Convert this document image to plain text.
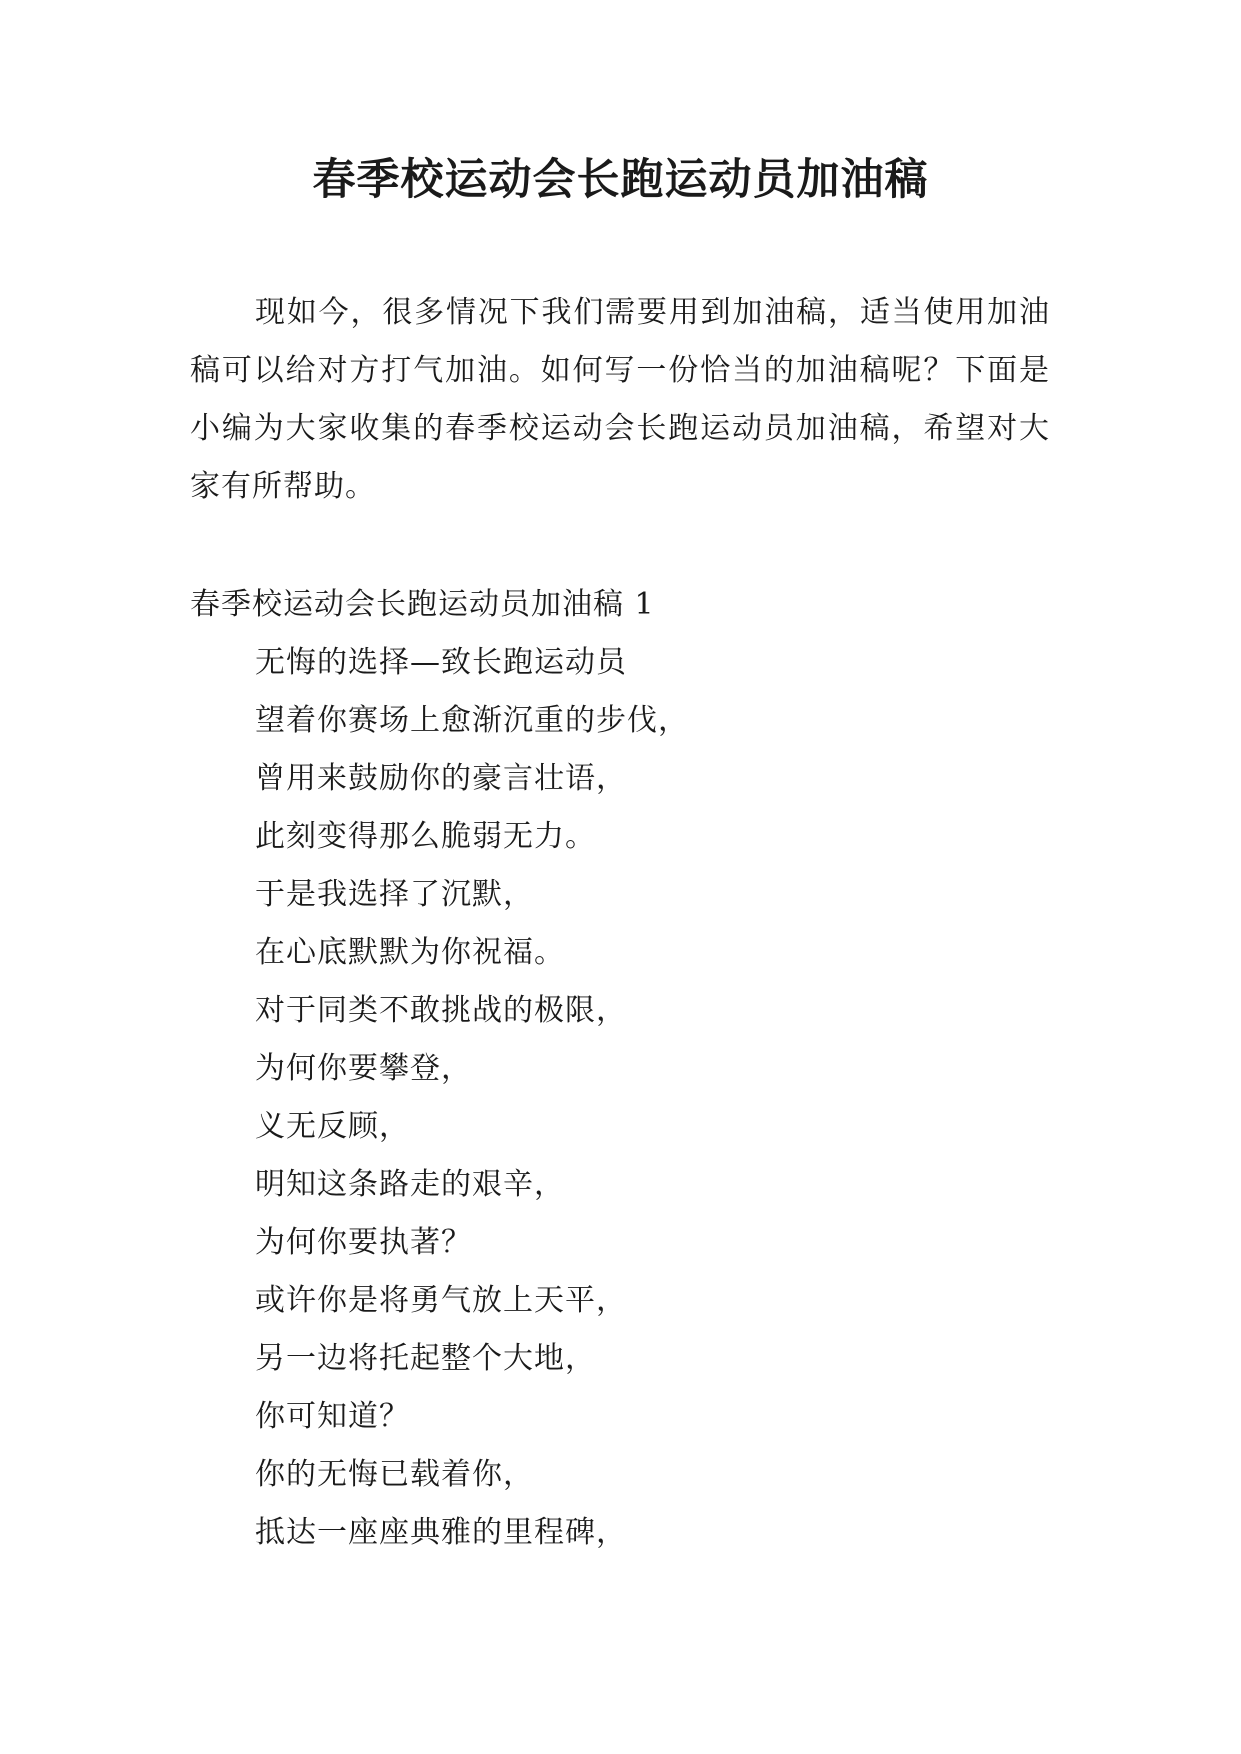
春季校运动会长跑运动员加油稿

现如今，很多情况下我们需要用到加油稿，适当使用加油稿可以给对方打气加油。如何写一份恰当的加油稿呢？下面是小编为大家收集的春季校运动会长跑运动员加油稿，希望对大家有所帮助。

春季校运动会长跑运动员加油稿 1

无悔的选择—致长跑运动员
望着你赛场上愈渐沉重的步伐，
曾用来鼓励你的豪言壮语，
此刻变得那么脆弱无力。
于是我选择了沉默，
在心底默默为你祝福。
对于同类不敢挑战的极限，
为何你要攀登，
义无反顾，
明知这条路走的艰辛，
为何你要执著？
或许你是将勇气放上天平，
另一边将托起整个大地，
你可知道？
你的无悔已载着你，
抵达一座座典雅的里程碑，
